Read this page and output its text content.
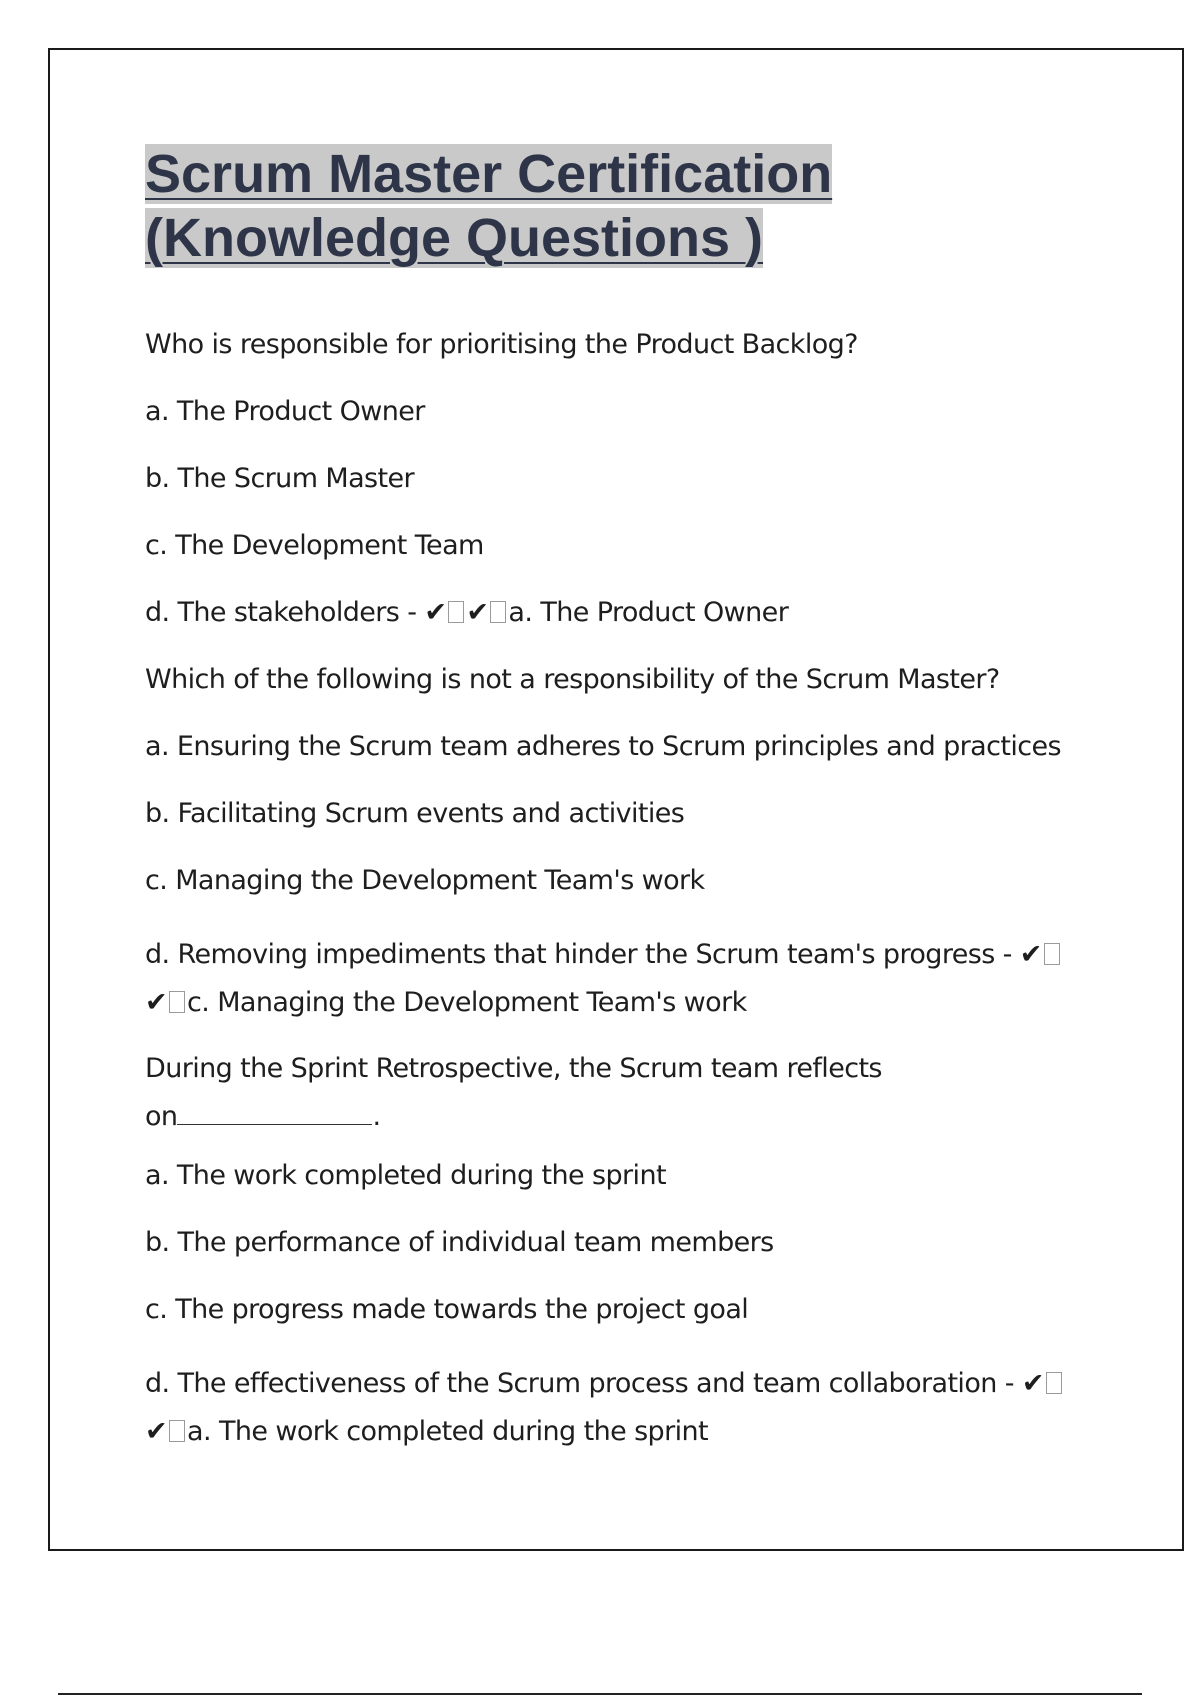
Scrum Master Certification
(Knowledge Questions )

Who is responsible for prioritising the Product Backlog?

a. The Product Owner

b. The Scrum Master

c. The Development Team

d. The stakeholders - ✔ ✔ a. The Product Owner

Which of the following is not a responsibility of the Scrum Master?

a. Ensuring the Scrum team adheres to Scrum principles and practices

b. Facilitating Scrum events and activities

c. Managing the Development Team's work

d. Removing impediments that hinder the Scrum team's progress - ✔
✔ c. Managing the Development Team's work

During the Sprint Retrospective, the Scrum team reflects
on	.

a. The work completed during the sprint

b. The performance of individual team members

c. The progress made towards the project goal

d. The effectiveness of the Scrum process and team collaboration - ✔
✔ a. The work completed during the sprint
